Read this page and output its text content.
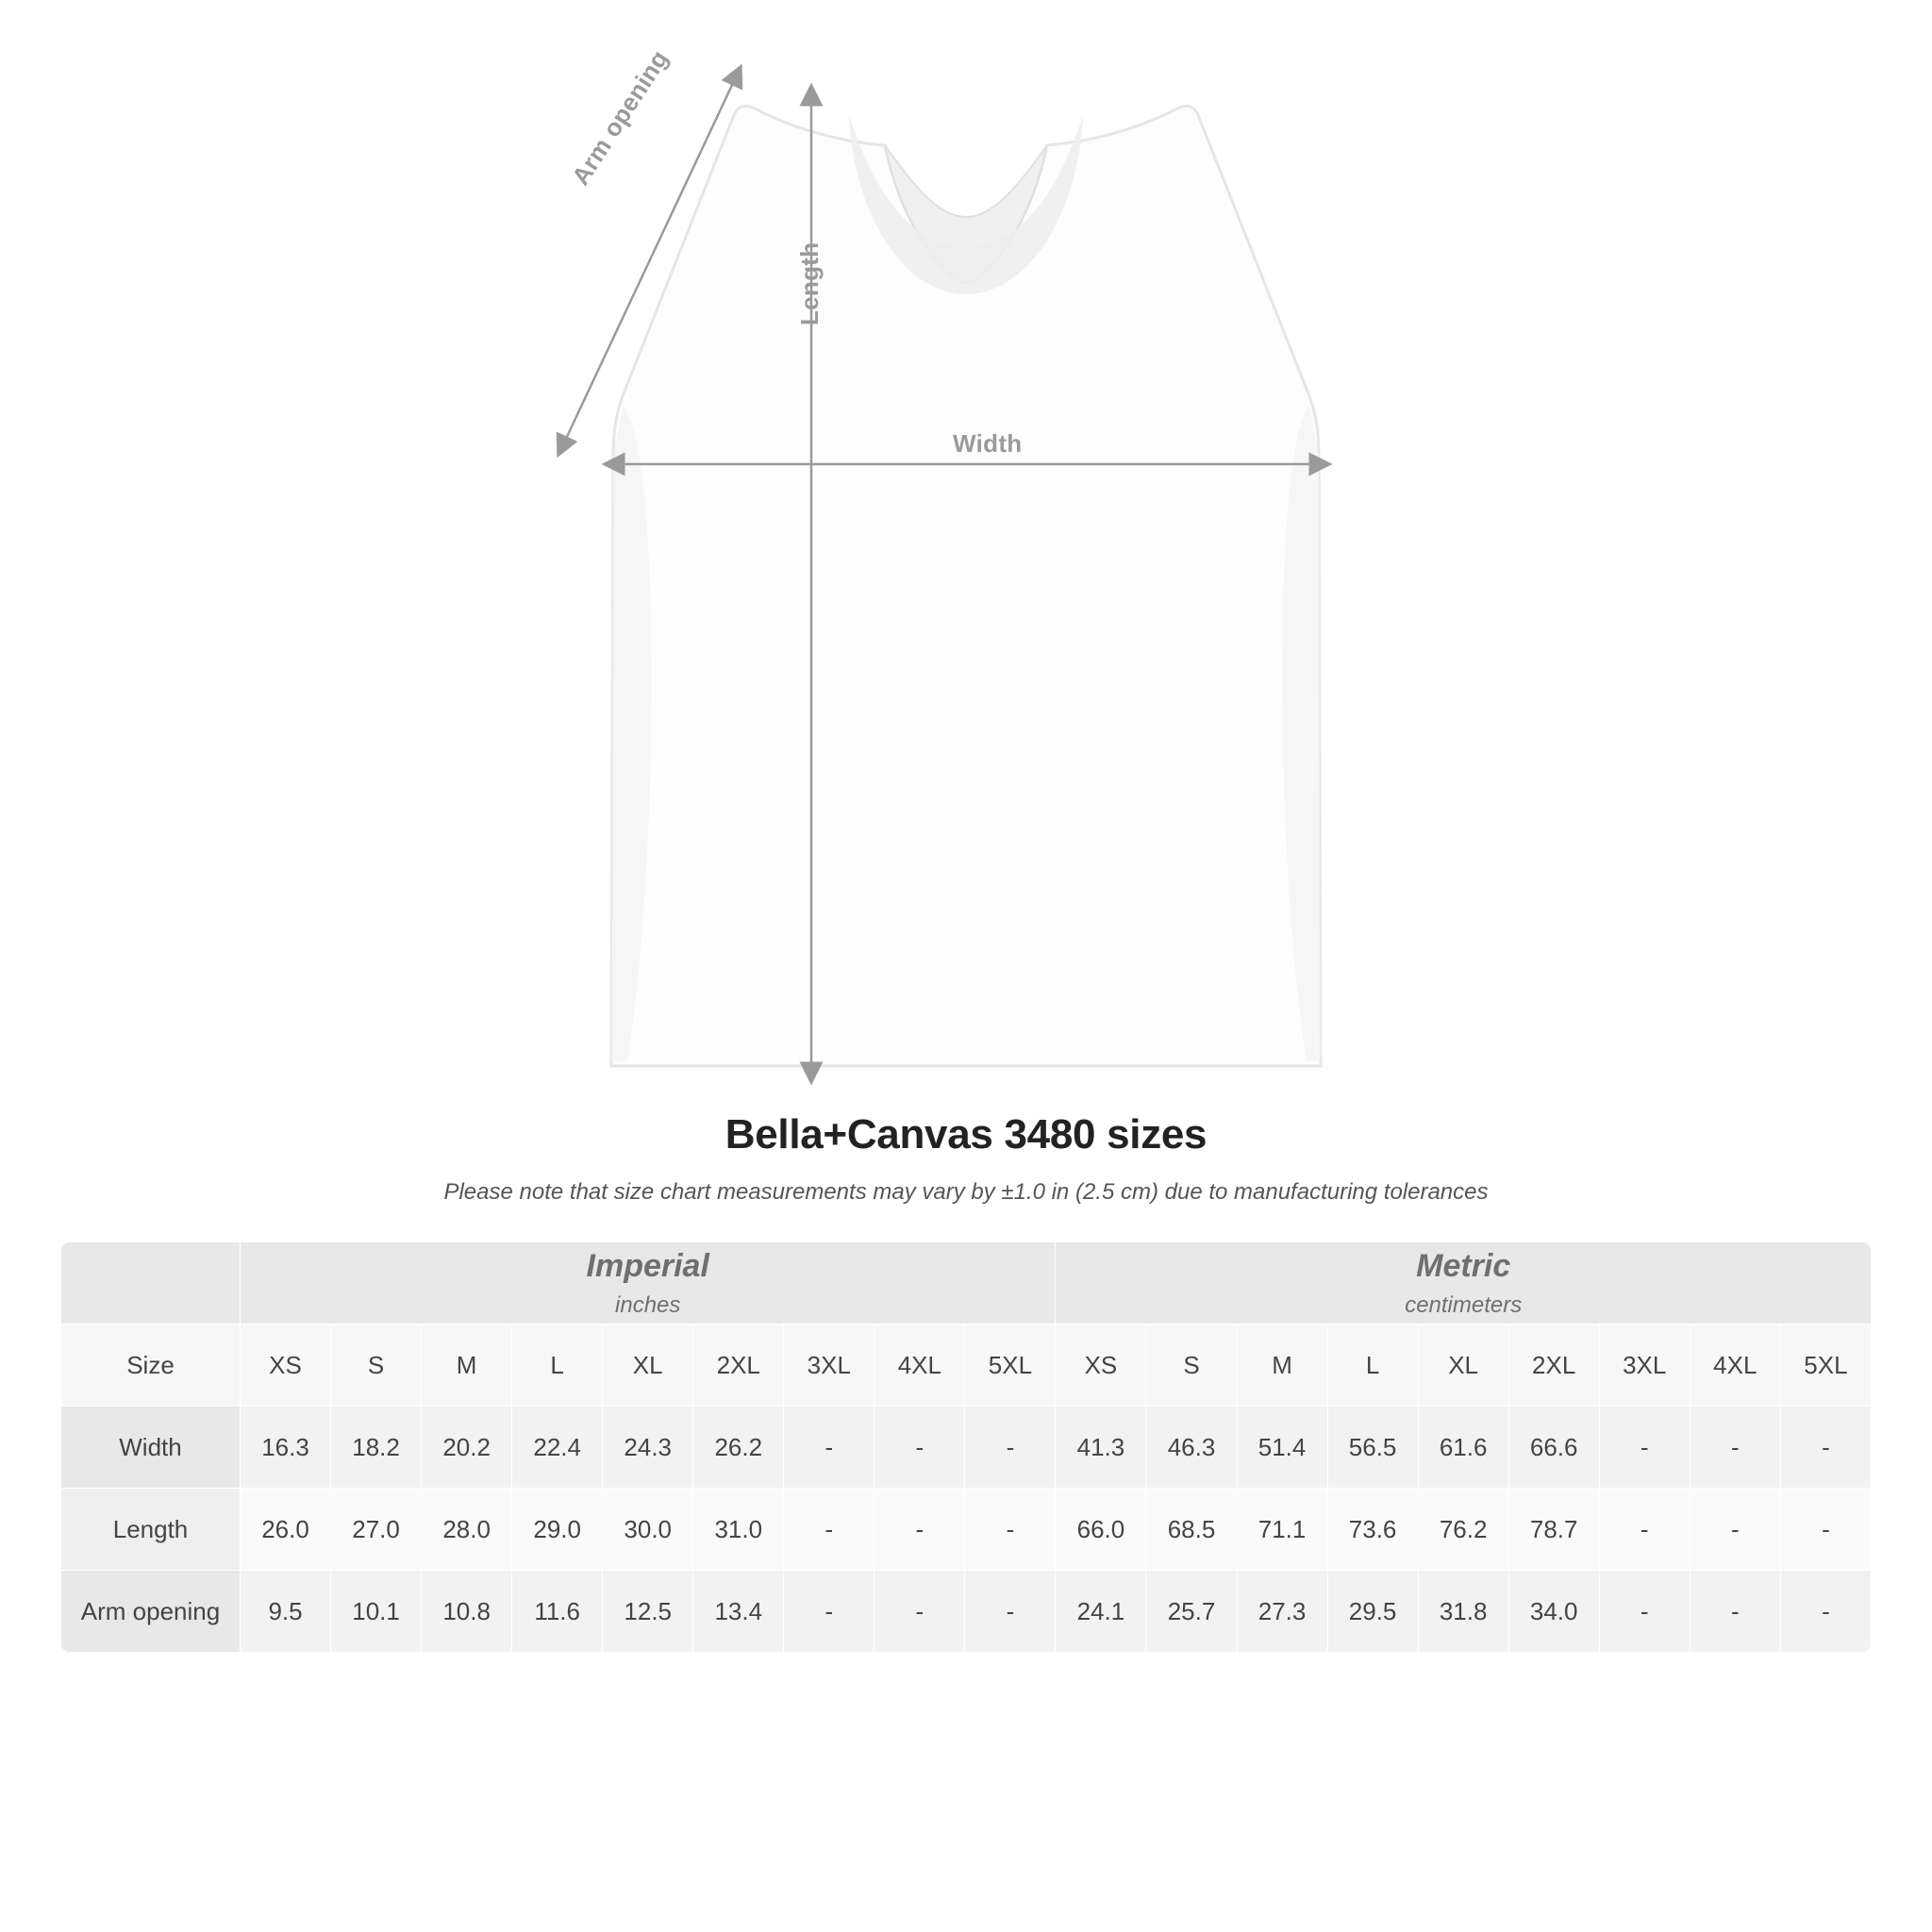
Width
Length
Arm opening
Bella+Canvas 3480 sizes
Please note that size chart measurements may vary by ±1.0 in (2.5 cm) due to manufacturing tolerances

Imperial
inches

Metric
centimeters

Size	XS	S	M	L	XL	2XL	3XL	4XL	5XL	XS	S	M	L	XL	2XL	3XL	4XL	5XL
Width	16.3	18.2	20.2	22.4	24.3	26.2	-	-	-	41.3	46.3	51.4	56.5	61.6	66.6	-	-	-
Length	26.0	27.0	28.0	29.0	30.0	31.0	-	-	-	66.0	68.5	71.1	73.6	76.2	78.7	-	-	-
Arm opening	9.5	10.1	10.8	11.6	12.5	13.4	-	-	-	24.1	25.7	27.3	29.5	31.8	34.0	-	-	-
